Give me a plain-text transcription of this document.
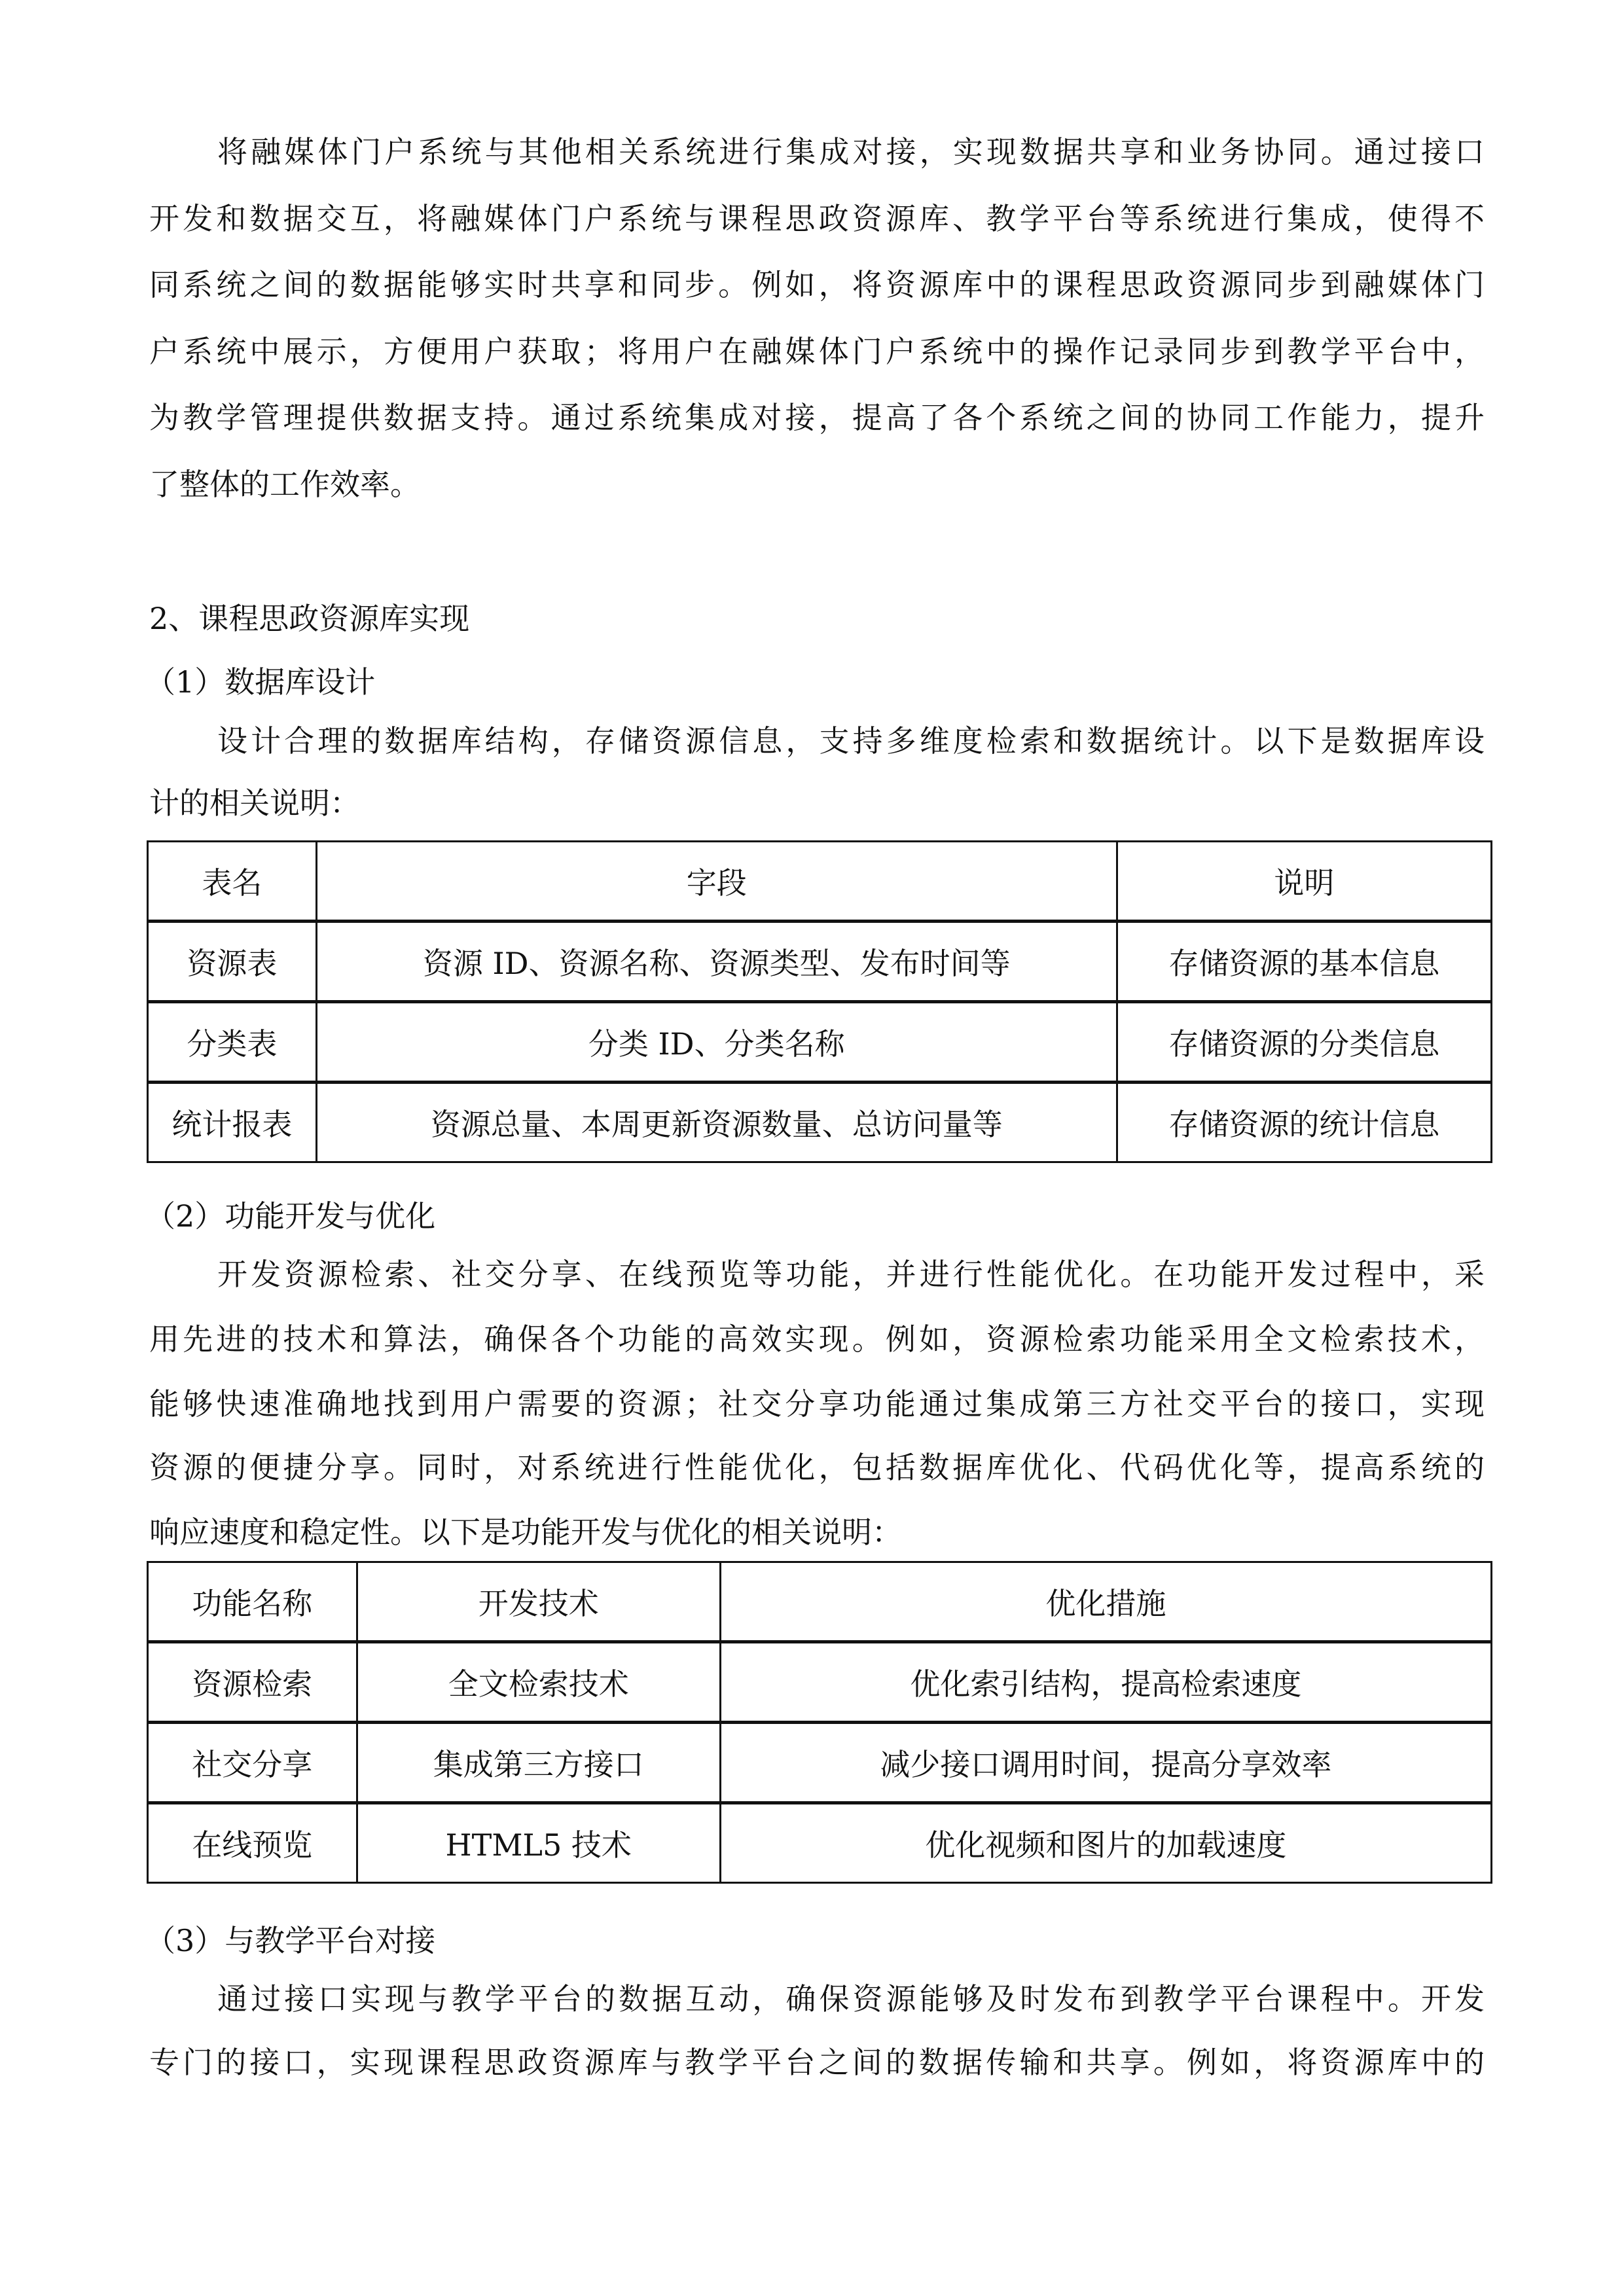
将融媒体门户系统与其他相关系统进行集成对接，实现数据共享和业务协同。通过接口
开发和数据交互，将融媒体门户系统与课程思政资源库、教学平台等系统进行集成，使得不
同系统之间的数据能够实时共享和同步。例如，将资源库中的课程思政资源同步到融媒体门
户系统中展示，方便用户获取；将用户在融媒体门户系统中的操作记录同步到教学平台中，
为教学管理提供数据支持。通过系统集成对接，提高了各个系统之间的协同工作能力，提升
了整体的工作效率。
2、课程思政资源库实现
（1）数据库设计
设计合理的数据库结构，存储资源信息，支持多维度检索和数据统计。以下是数据库设
计的相关说明：
表名	字段	说明
资源表	资源 ID、资源名称、资源类型、发布时间等	存储资源的基本信息
分类表	分类 ID、分类名称	存储资源的分类信息
统计报表	资源总量、本周更新资源数量、总访问量等	存储资源的统计信息
（2）功能开发与优化
开发资源检索、社交分享、在线预览等功能，并进行性能优化。在功能开发过程中，采
用先进的技术和算法，确保各个功能的高效实现。例如，资源检索功能采用全文检索技术，
能够快速准确地找到用户需要的资源；社交分享功能通过集成第三方社交平台的接口，实现
资源的便捷分享。同时，对系统进行性能优化，包括数据库优化、代码优化等，提高系统的
响应速度和稳定性。以下是功能开发与优化的相关说明：
功能名称	开发技术	优化措施
资源检索	全文检索技术	优化索引结构，提高检索速度
社交分享	集成第三方接口	减少接口调用时间，提高分享效率
在线预览	HTML5 技术	优化视频和图片的加载速度
（3）与教学平台对接
通过接口实现与教学平台的数据互动，确保资源能够及时发布到教学平台课程中。开发
专门的接口，实现课程思政资源库与教学平台之间的数据传输和共享。例如，将资源库中的
